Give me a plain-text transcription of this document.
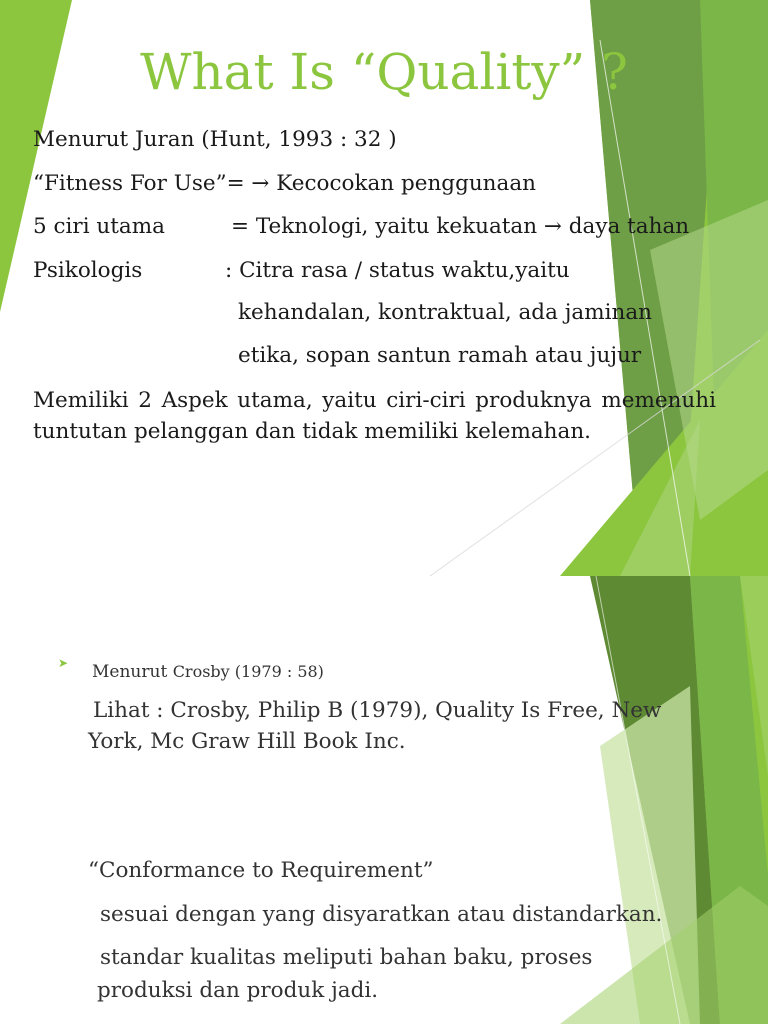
What Is “Quality” ?
Menurut Juran (Hunt, 1993 : 32 )
“Fitness For Use”= → Kecocokan penggunaan
5 ciri utama	= Teknologi, yaitu kekuatan → daya tahan
Psikologis	: Citra rasa / status waktu,yaitu
kehandalan, kontraktual, ada jaminan
etika, sopan santun ramah atau jujur
Memiliki 2 Aspek utama, yaitu ciri-ciri produknya memenuhi tuntutan pelanggan dan tidak memiliki kelemahan.
➤ Menurut Crosby (1979 : 58)
Lihat : Crosby, Philip B (1979), Quality Is Free, New
York, Mc Graw Hill Book Inc.
“Conformance to Requirement”
sesuai dengan yang disyaratkan atau distandarkan.
standar kualitas meliputi bahan baku, proses
produksi dan produk jadi.
